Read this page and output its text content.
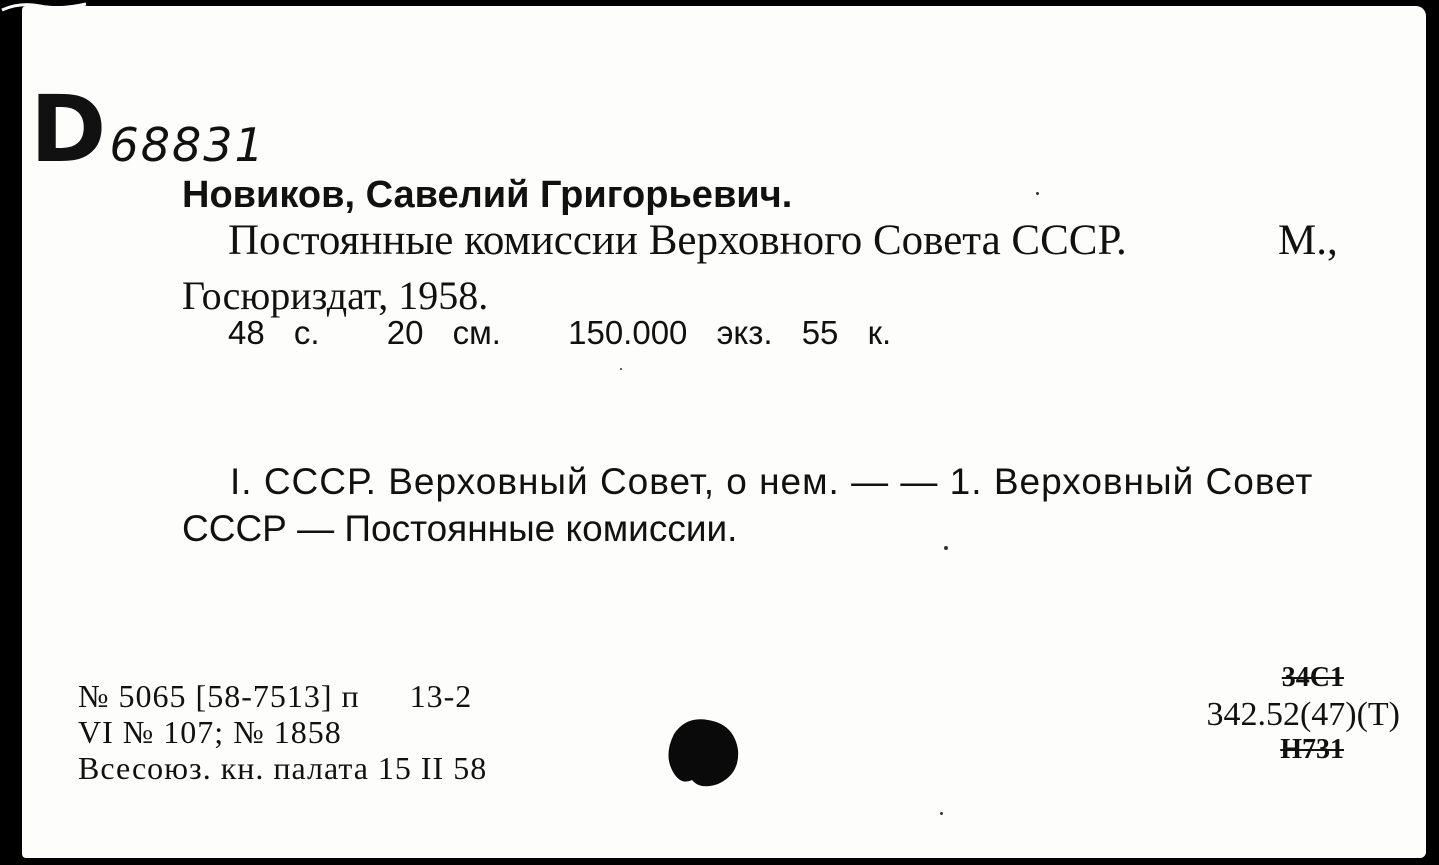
D 68831
Новиков, Савелий Григорьевич.
Постоянные комиссии Верховного Совета СССР.	М.,
Госюриздат, 1958.
48 с. 20 см. 150.000 экз. 55 к.
I. СССР. Верховный Совет, о нем. — — 1. Верховный Совет
СССР — Постоянные комиссии.
№ 5065 [58-7513] п 13-2
VI № 107; № 1858
Всесоюз. кн. палата 15 II 58
34С1
342.52(47)(Т)
Н731
